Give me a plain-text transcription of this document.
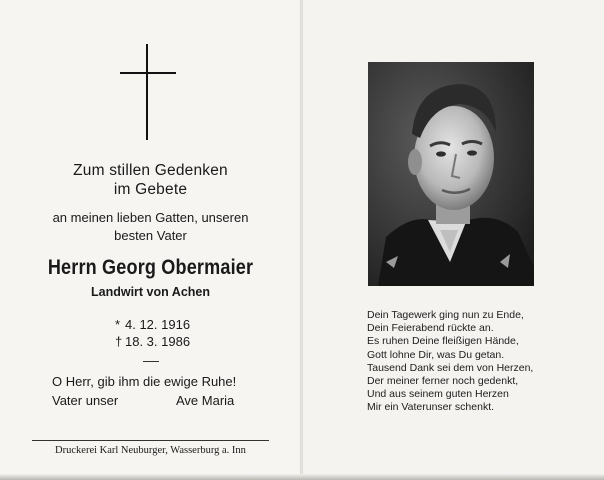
Zum stillen Gedenken
im Gebete
an meinen lieben Gatten, unseren
besten Vater
Herrn Georg Obermaier
Landwirt von Achen
* 4. 12. 1916
† 18. 3. 1986
O Herr, gib ihm die ewige Ruhe!
Vater unser	Ave Maria
Druckerei Karl Neuburger, Wasserburg a. Inn
Dein Tagewerk ging nun zu Ende,
Dein Feierabend rückte an.
Es ruhen Deine fleißigen Hände,
Gott lohne Dir, was Du getan.
Tausend Dank sei dem von Herzen,
Der meiner ferner noch gedenkt,
Und aus seinem guten Herzen
Mir ein Vaterunser schenkt.
